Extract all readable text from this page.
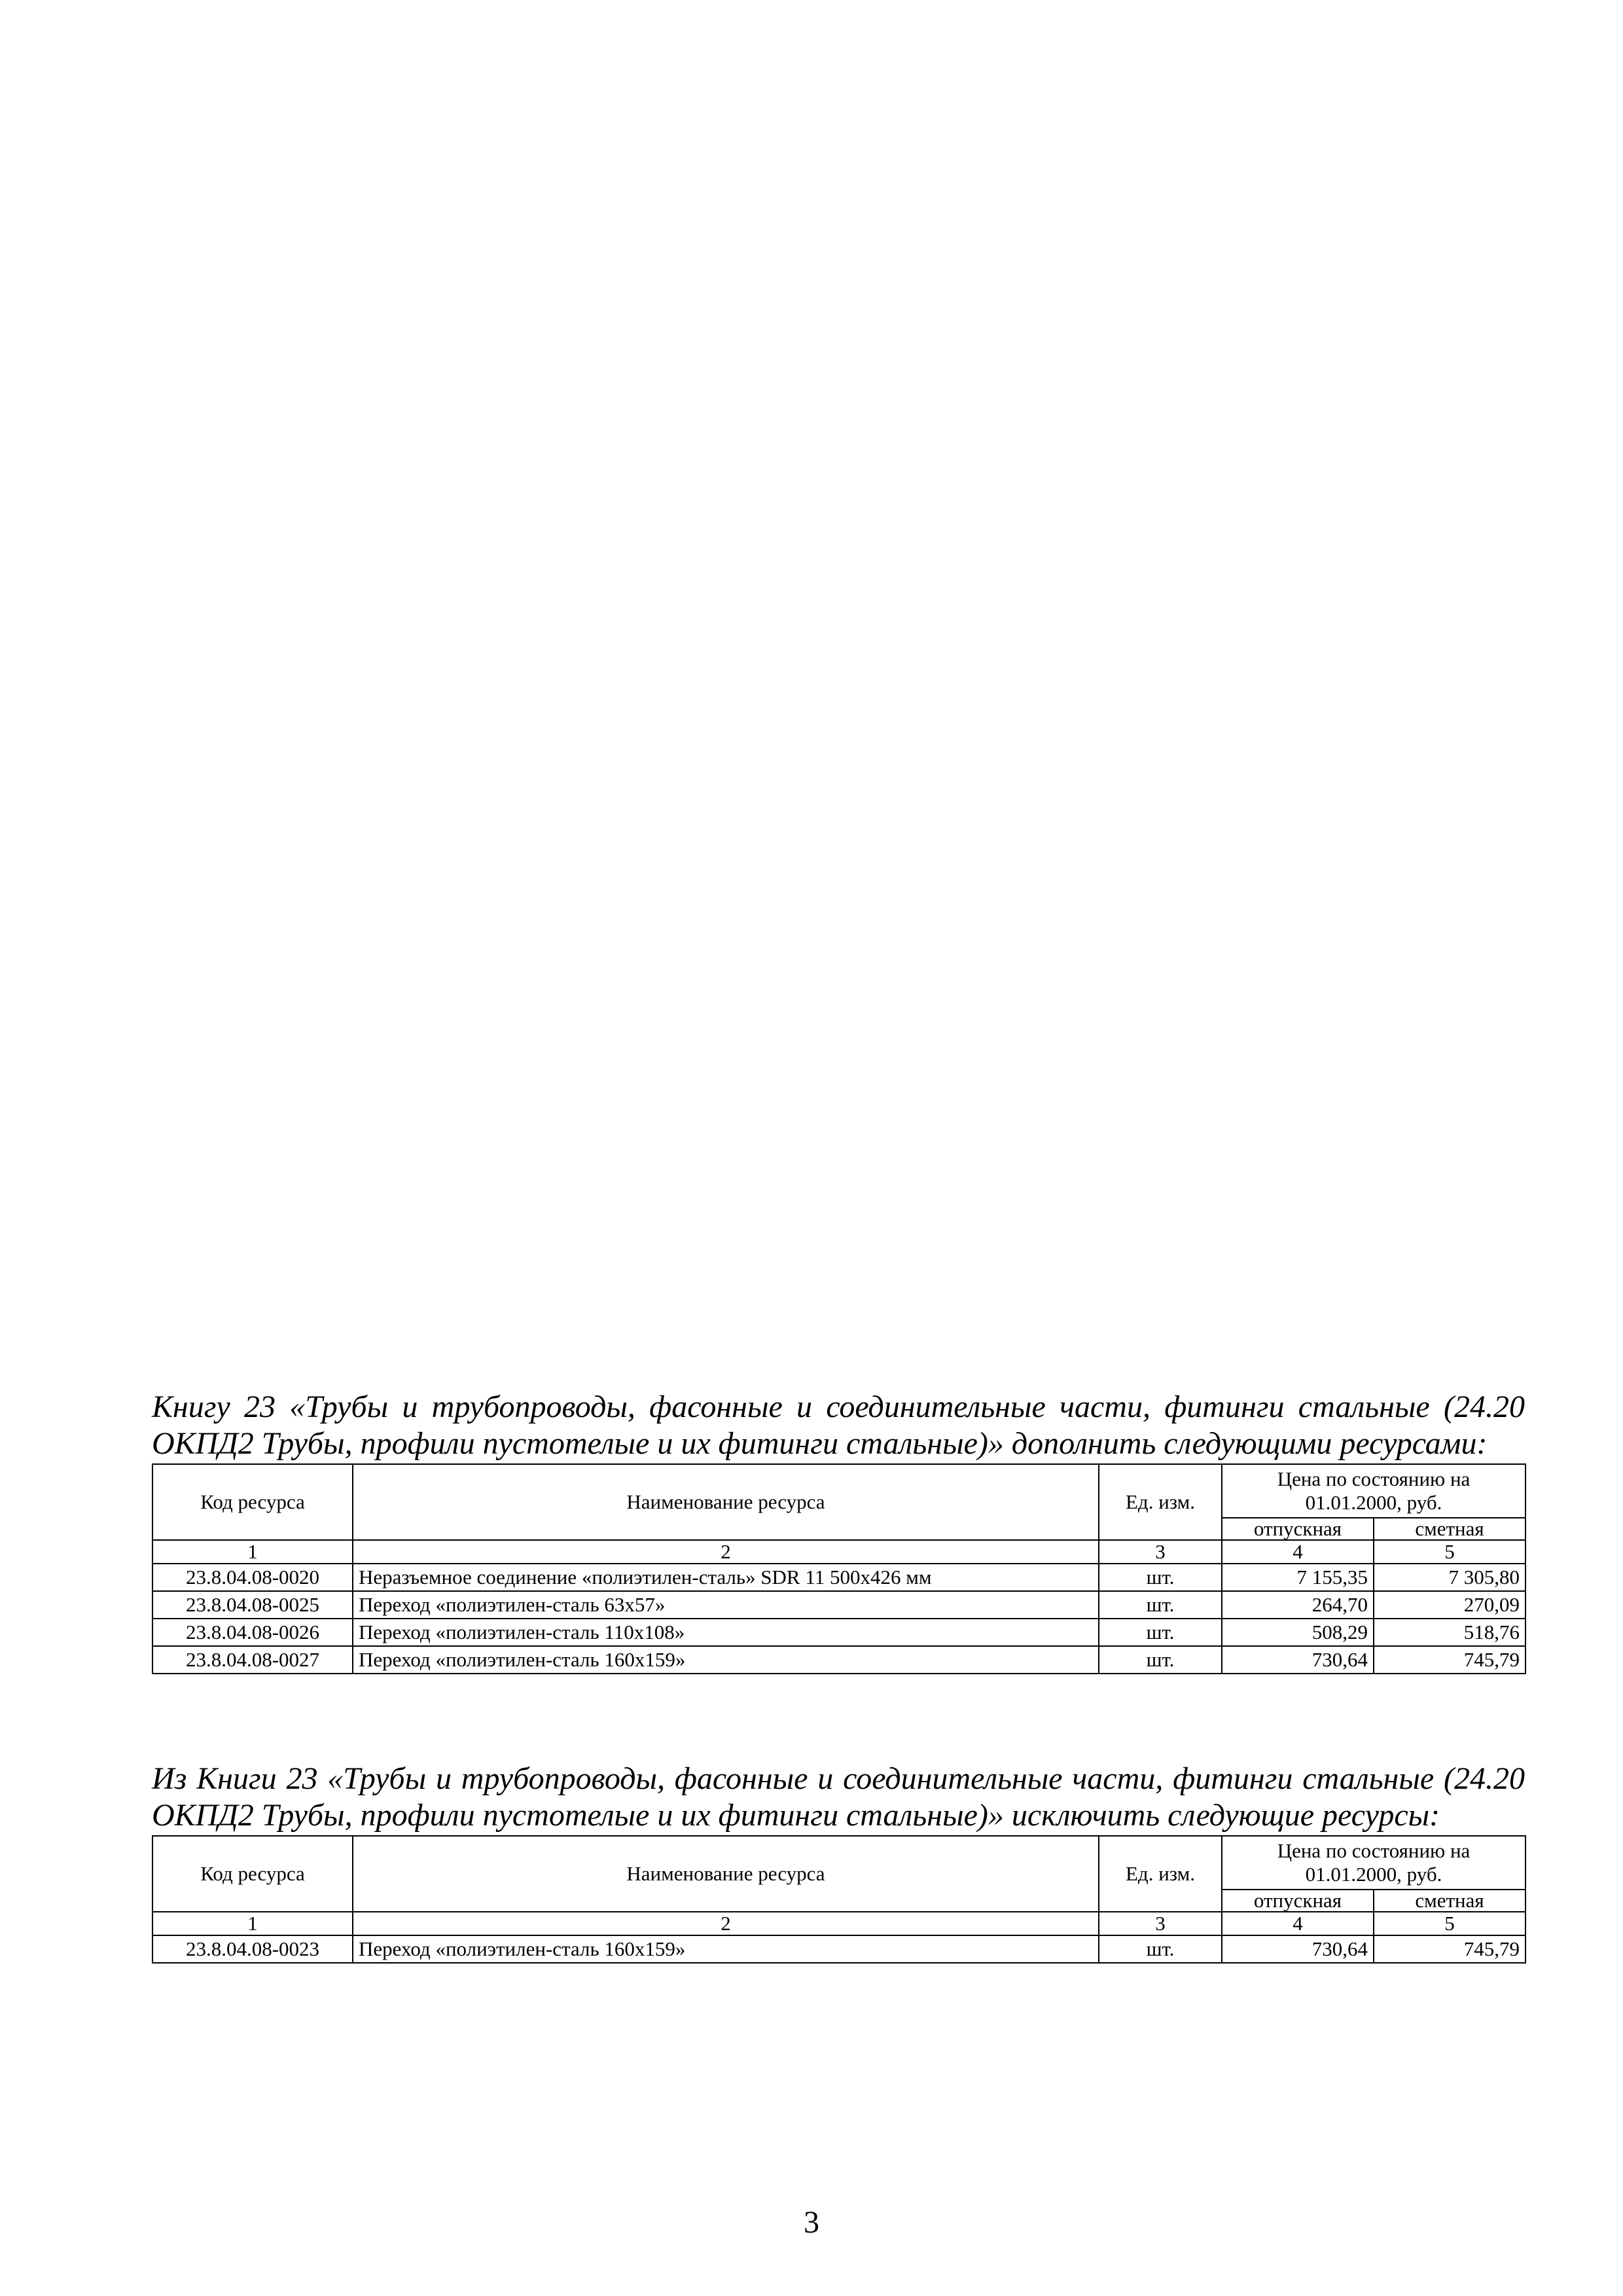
Книгу 23 «Трубы и трубопроводы, фасонные и соединительные части, фитинги стальные (24.20 ОКПД2 Трубы, профили пустотелые и их фитинги стальные)» дополнить следующими ресурсами:

Код ресурса	Наименование ресурса	Ед. изм.	Цена по состоянию на 01.01.2000, руб.	
			отпускная	сметная
1	2	3	4	5
23.8.04.08-0020	Неразъемное соединение «полиэтилен-сталь» SDR 11 500х426 мм	шт.	7 155,35	7 305,80
23.8.04.08-0025	Переход «полиэтилен-сталь 63х57»	шт.	264,70	270,09
23.8.04.08-0026	Переход «полиэтилен-сталь 110х108»	шт.	508,29	518,76
23.8.04.08-0027	Переход «полиэтилен-сталь 160х159»	шт.	730,64	745,79

Из Книги 23 «Трубы и трубопроводы, фасонные и соединительные части, фитинги стальные (24.20 ОКПД2 Трубы, профили пустотелые и их фитинги стальные)» исключить следующие ресурсы:

Код ресурса	Наименование ресурса	Ед. изм.	Цена по состоянию на 01.01.2000, руб.	
			отпускная	сметная
1	2	3	4	5
23.8.04.08-0023	Переход «полиэтилен-сталь 160х159»	шт.	730,64	745,79
3
